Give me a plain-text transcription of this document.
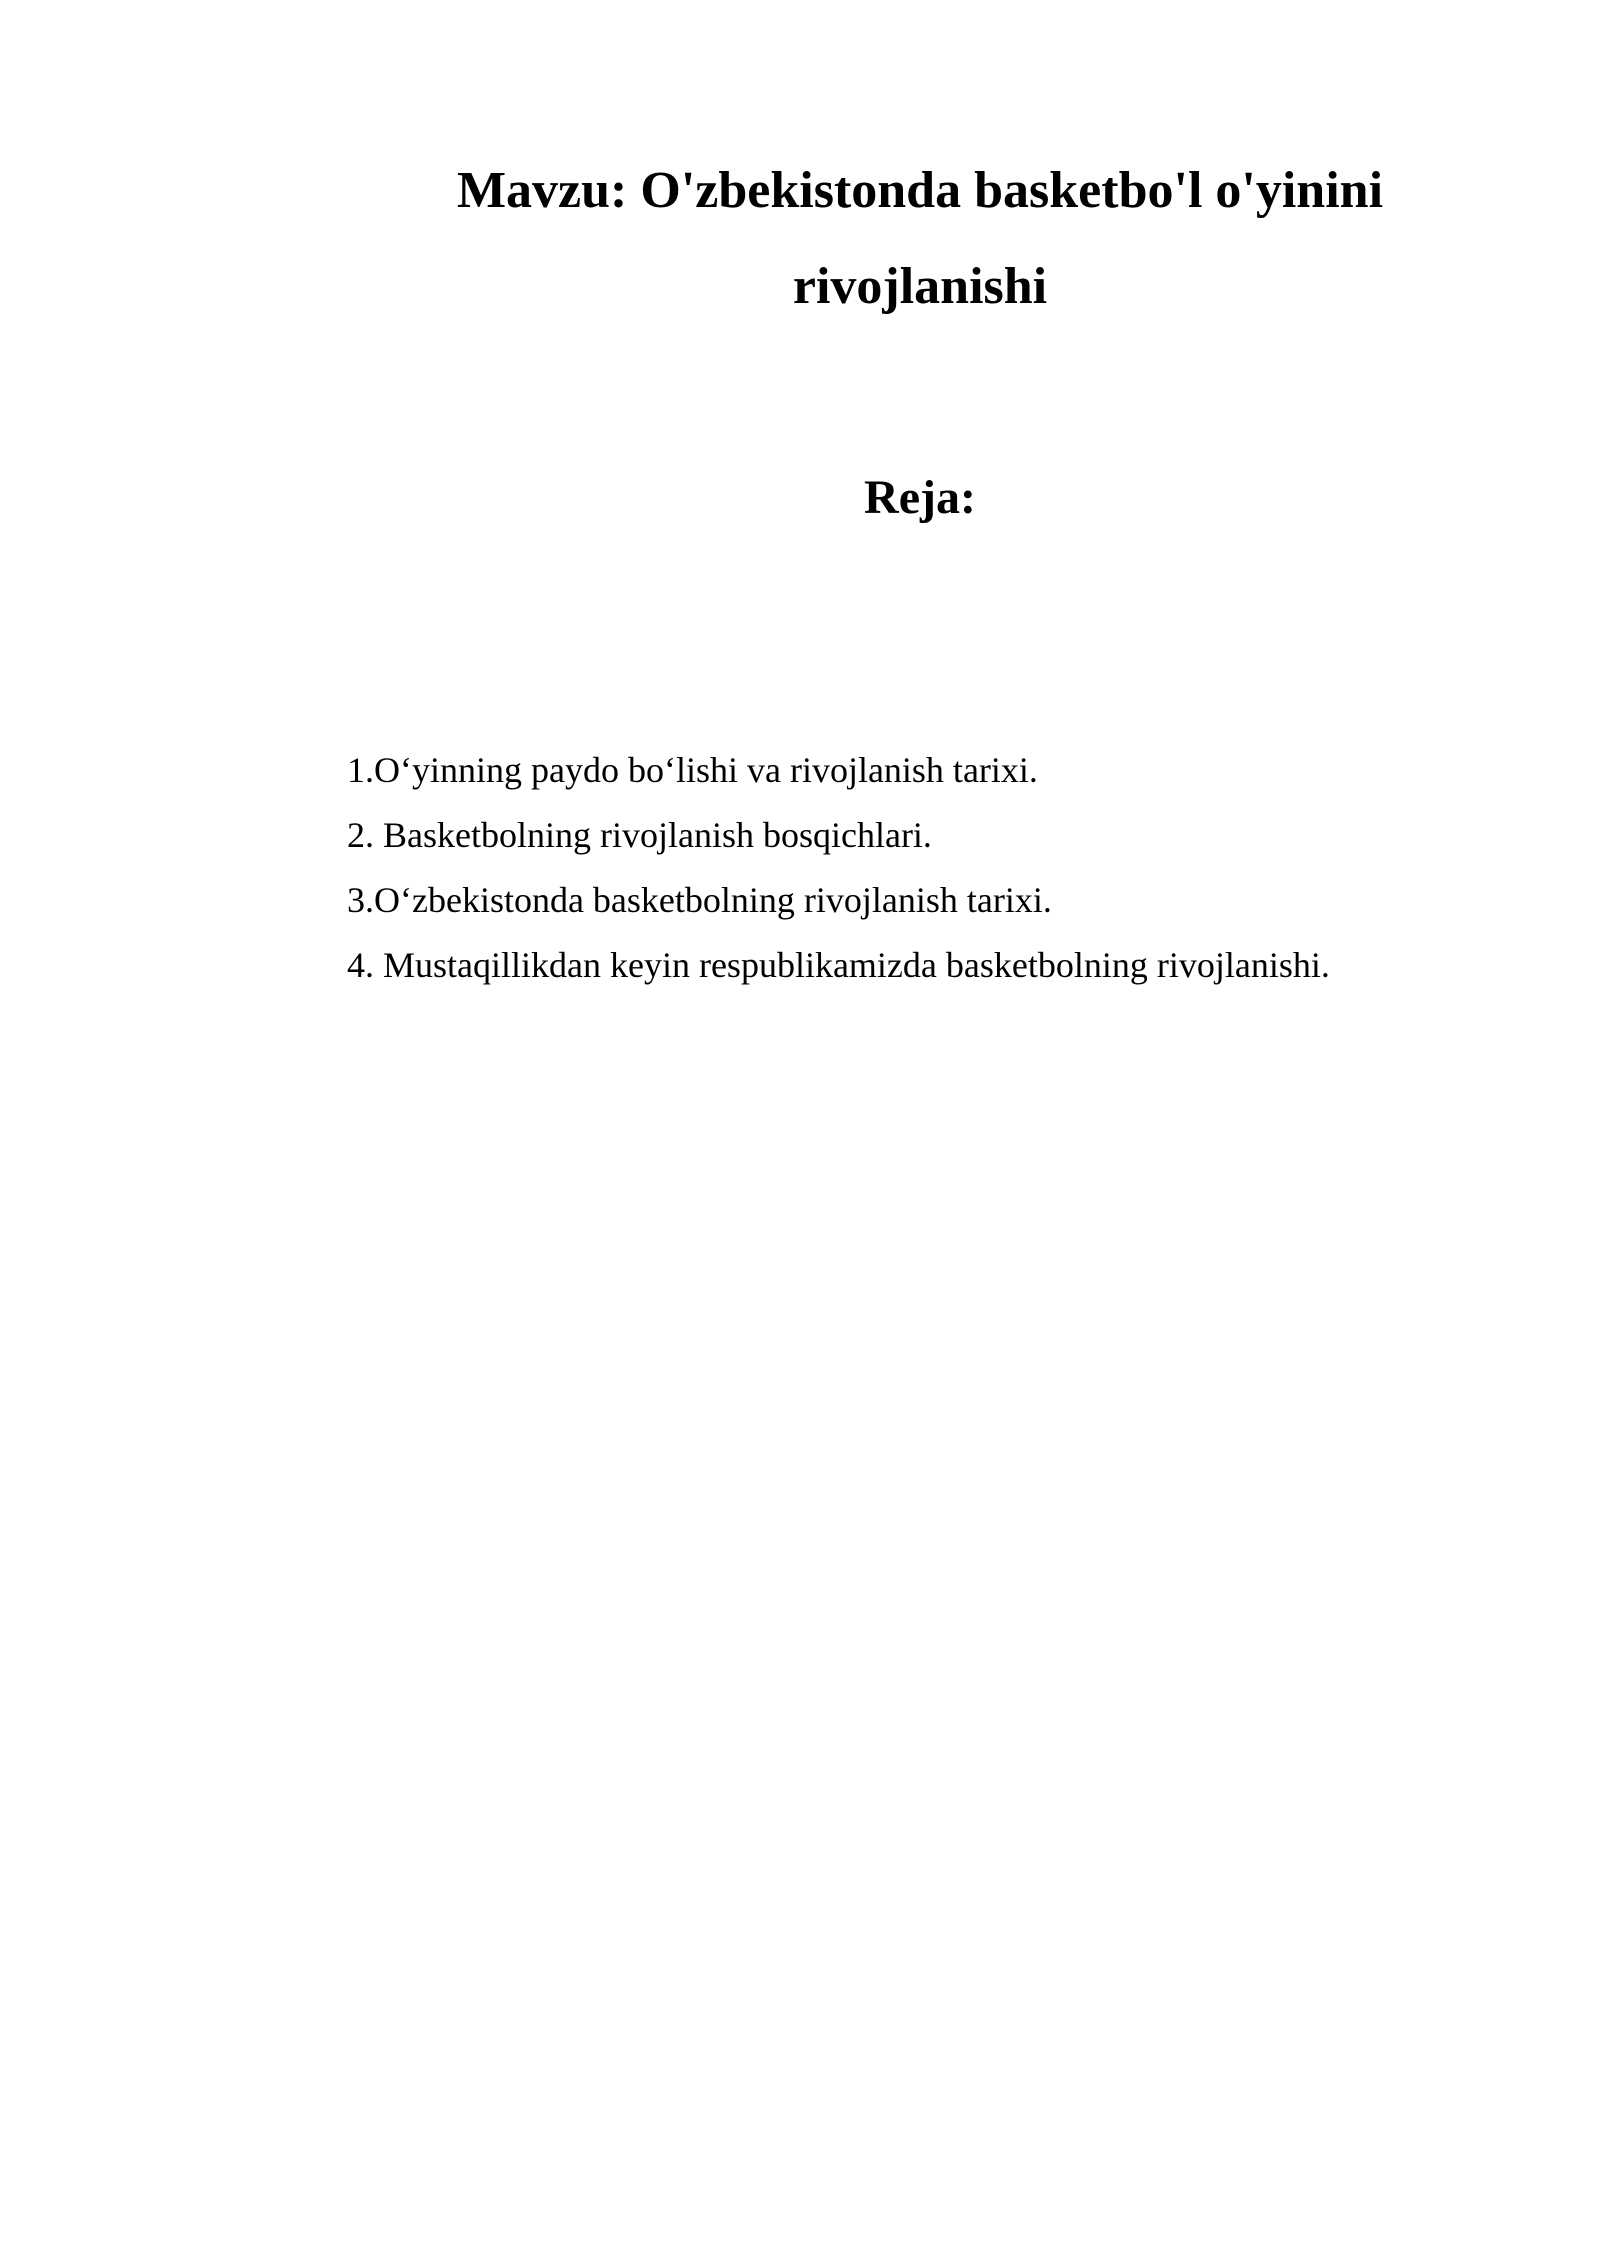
Mavzu: O'zbekistonda basketbo'l o'yinini
rivojlanishi
Reja:
1.O‘yinning paydo bo‘lishi va rivojlanish tarixi.
2. Basketbolning rivojlanish bosqichlari.
3.O‘zbekistonda basketbolning rivojlanish tarixi.
4. Mustaqillikdan keyin respublikamizda basketbolning rivojlanishi.
